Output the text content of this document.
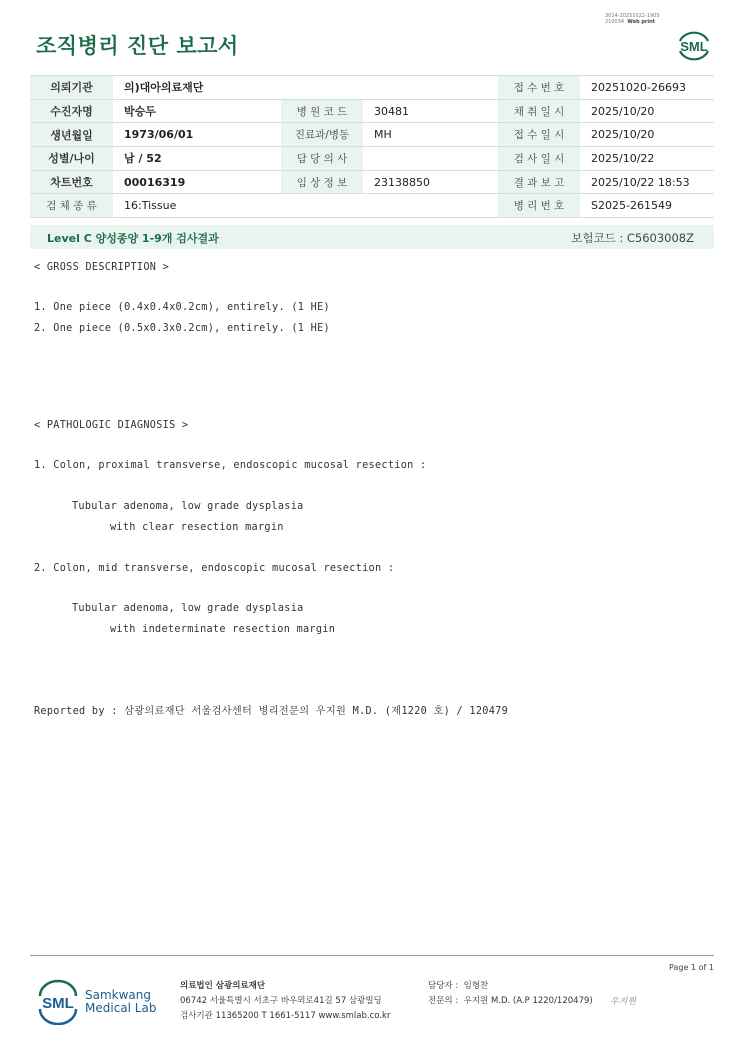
조직병리 진단 보고서
3014-20251022-1905
210034 Web print
SML
의뢰기관	의)대아의료재단			접 수 번 호	20251020-26693
수진자명	박승두	병 원 코 드	30481	채 취 일 시	2025/10/20
생년월일	1973/06/01	진료과/병동	MH	접 수 일 시	2025/10/20
성별/나이	남 / 52	담 당 의 사		검 사 일 시	2025/10/22
차트번호	00016319	임 상 정 보	23138850	결 과 보 고	2025/10/22 18:53
검 체 종 류	16:Tissue			병 리 번 호	S2025-261549
Level C 양성종양 1-9개 검사결과	보험코드 : C5603008Z
< GROSS DESCRIPTION >
1. One piece (0.4x0.4x0.2cm), entirely. (1 HE)
2. One piece (0.5x0.3x0.2cm), entirely. (1 HE)
< PATHOLOGIC DIAGNOSIS >
1. Colon, proximal transverse, endoscopic mucosal resection :
Tubular adenoma, low grade dysplasia
with clear resection margin
2. Colon, mid transverse, endoscopic mucosal resection :
Tubular adenoma, low grade dysplasia
with indeterminate resection margin
Reported by : 삼광의료재단 서울검사센터 병리전문의 우지원 M.D. (제1220 호) / 120479
Page 1 of 1
SML Samkwang
Medical Lab
의료법인 삼광의료재단
06742 서울특별시 서초구 바우뫼로41길 57 삼광빌딩
검사기관 11365200 T 1661-5117 www.smlab.co.kr
담당자 : 임형찬
전문의 : 우지원 M.D. (A.P 1220/120479) 우지원
